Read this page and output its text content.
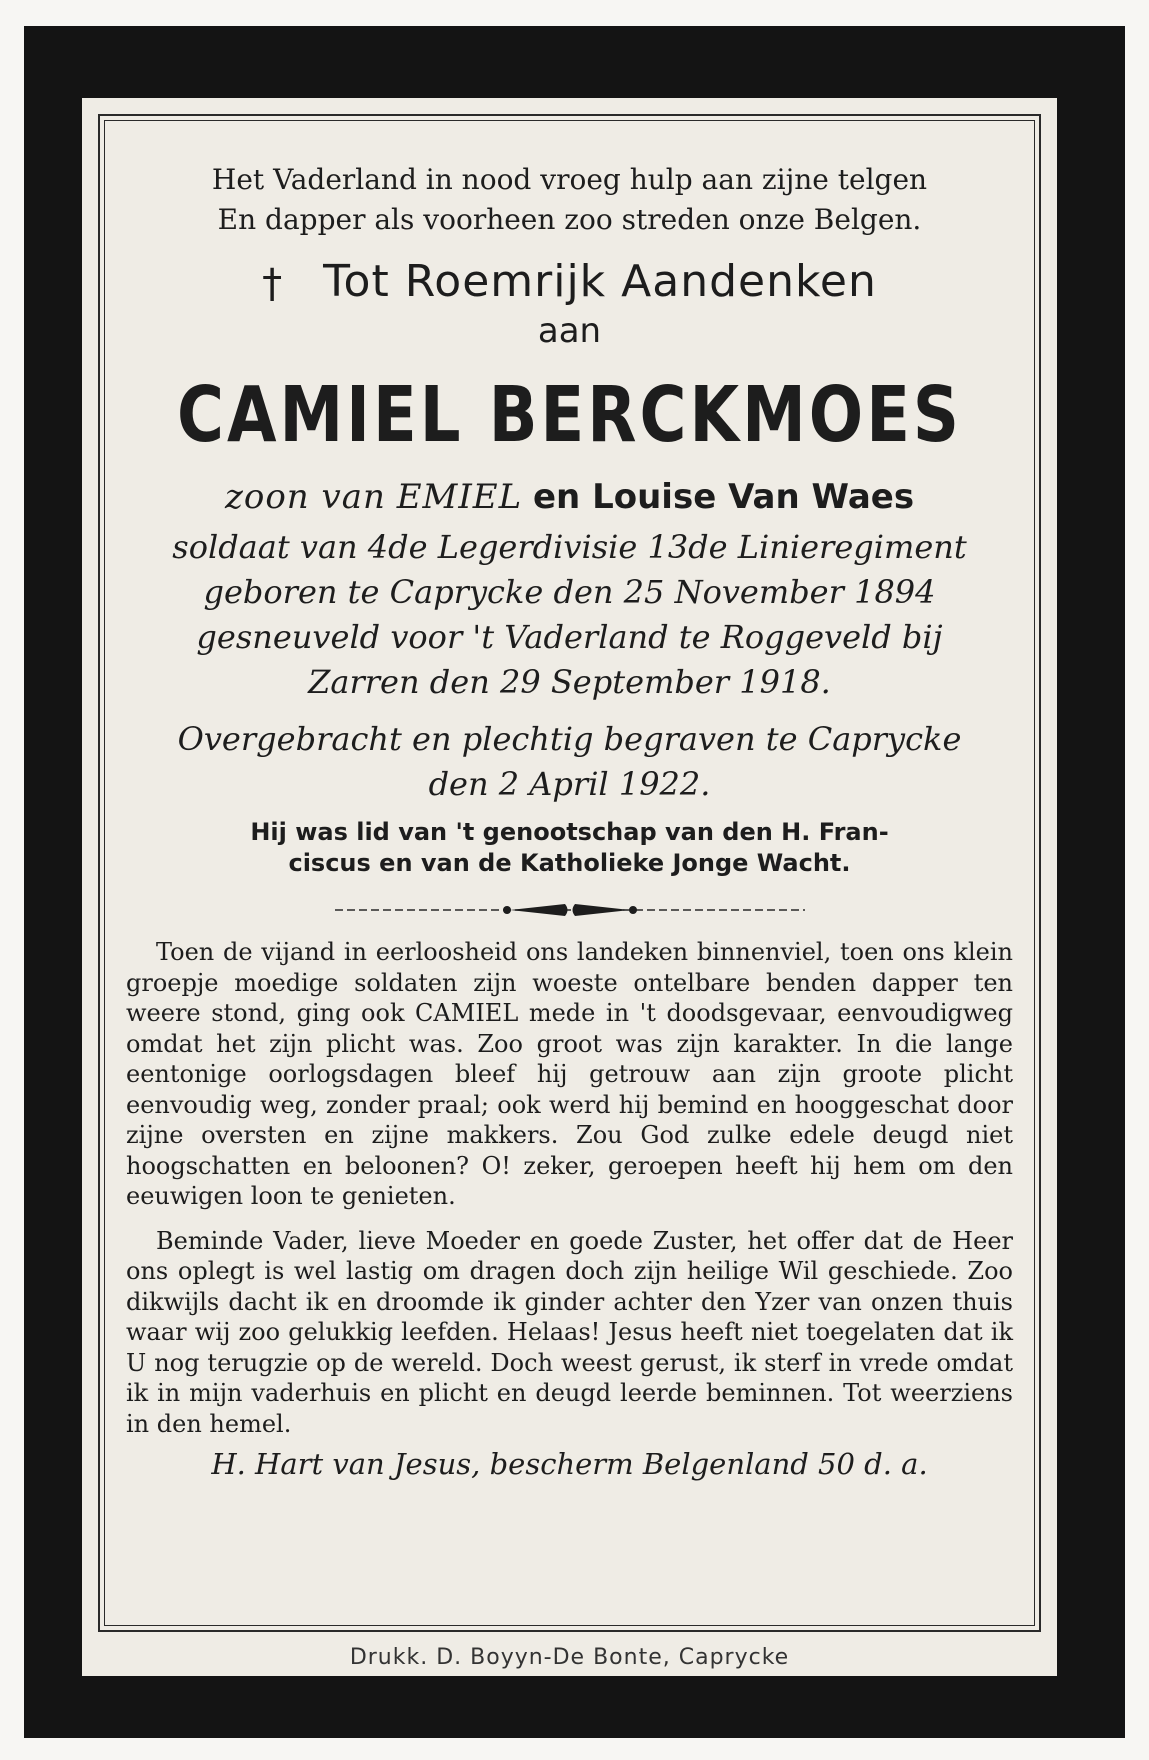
Het Vaderland in nood vroeg hulp aan zijne telgen

En dapper als voorheen zoo streden onze Belgen.

† Tot Roemrijk Aandenken

aan

CAMIEL BERCKMOES

zoon van EMIEL en Louise Van Waes

soldaat van 4de Legerdivisie 13de Linieregiment

geboren te Caprycke den 25 November 1894

gesneuveld voor 't Vaderland te Roggeveld bij

Zarren den 29 September 1918.

Overgebracht en plechtig begraven te Caprycke

den 2 April 1922.

Hij was lid van 't genootschap van den H. Fran-

ciscus en van de Katholieke Jonge Wacht.

Toen de vijand in eerloosheid ons landeken binnenviel, toen ons klein groepje moedige soldaten zijn woeste ontelbare benden dapper ten weere stond, ging ook CAMIEL mede in 't doodsgevaar, eenvoudigweg omdat het zijn plicht was. Zoo groot was zijn karakter. In die lange eentonige oorlogsdagen bleef hij getrouw aan zijn groote plicht eenvoudig weg, zonder praal; ook werd hij bemind en hooggeschat door zijne oversten en zijne makkers. Zou God zulke edele deugd niet hoogschatten en beloonen? O! zeker, geroepen heeft hij hem om den eeuwigen loon te genieten.

Beminde Vader, lieve Moeder en goede Zuster, het offer dat de Heer ons oplegt is wel lastig om dragen doch zijn heilige Wil geschiede. Zoo dikwijls dacht ik en droomde ik ginder achter den Yzer van onzen thuis waar wij zoo gelukkig leefden. Helaas! Jesus heeft niet toegelaten dat ik U nog terugzie op de wereld. Doch weest gerust, ik sterf in vrede omdat ik in mijn vaderhuis en plicht en deugd leerde beminnen. Tot weerziens in den hemel.

H. Hart van Jesus, bescherm Belgenland 50 d. a.

Drukk. D. Boyyn-De Bonte, Caprycke
